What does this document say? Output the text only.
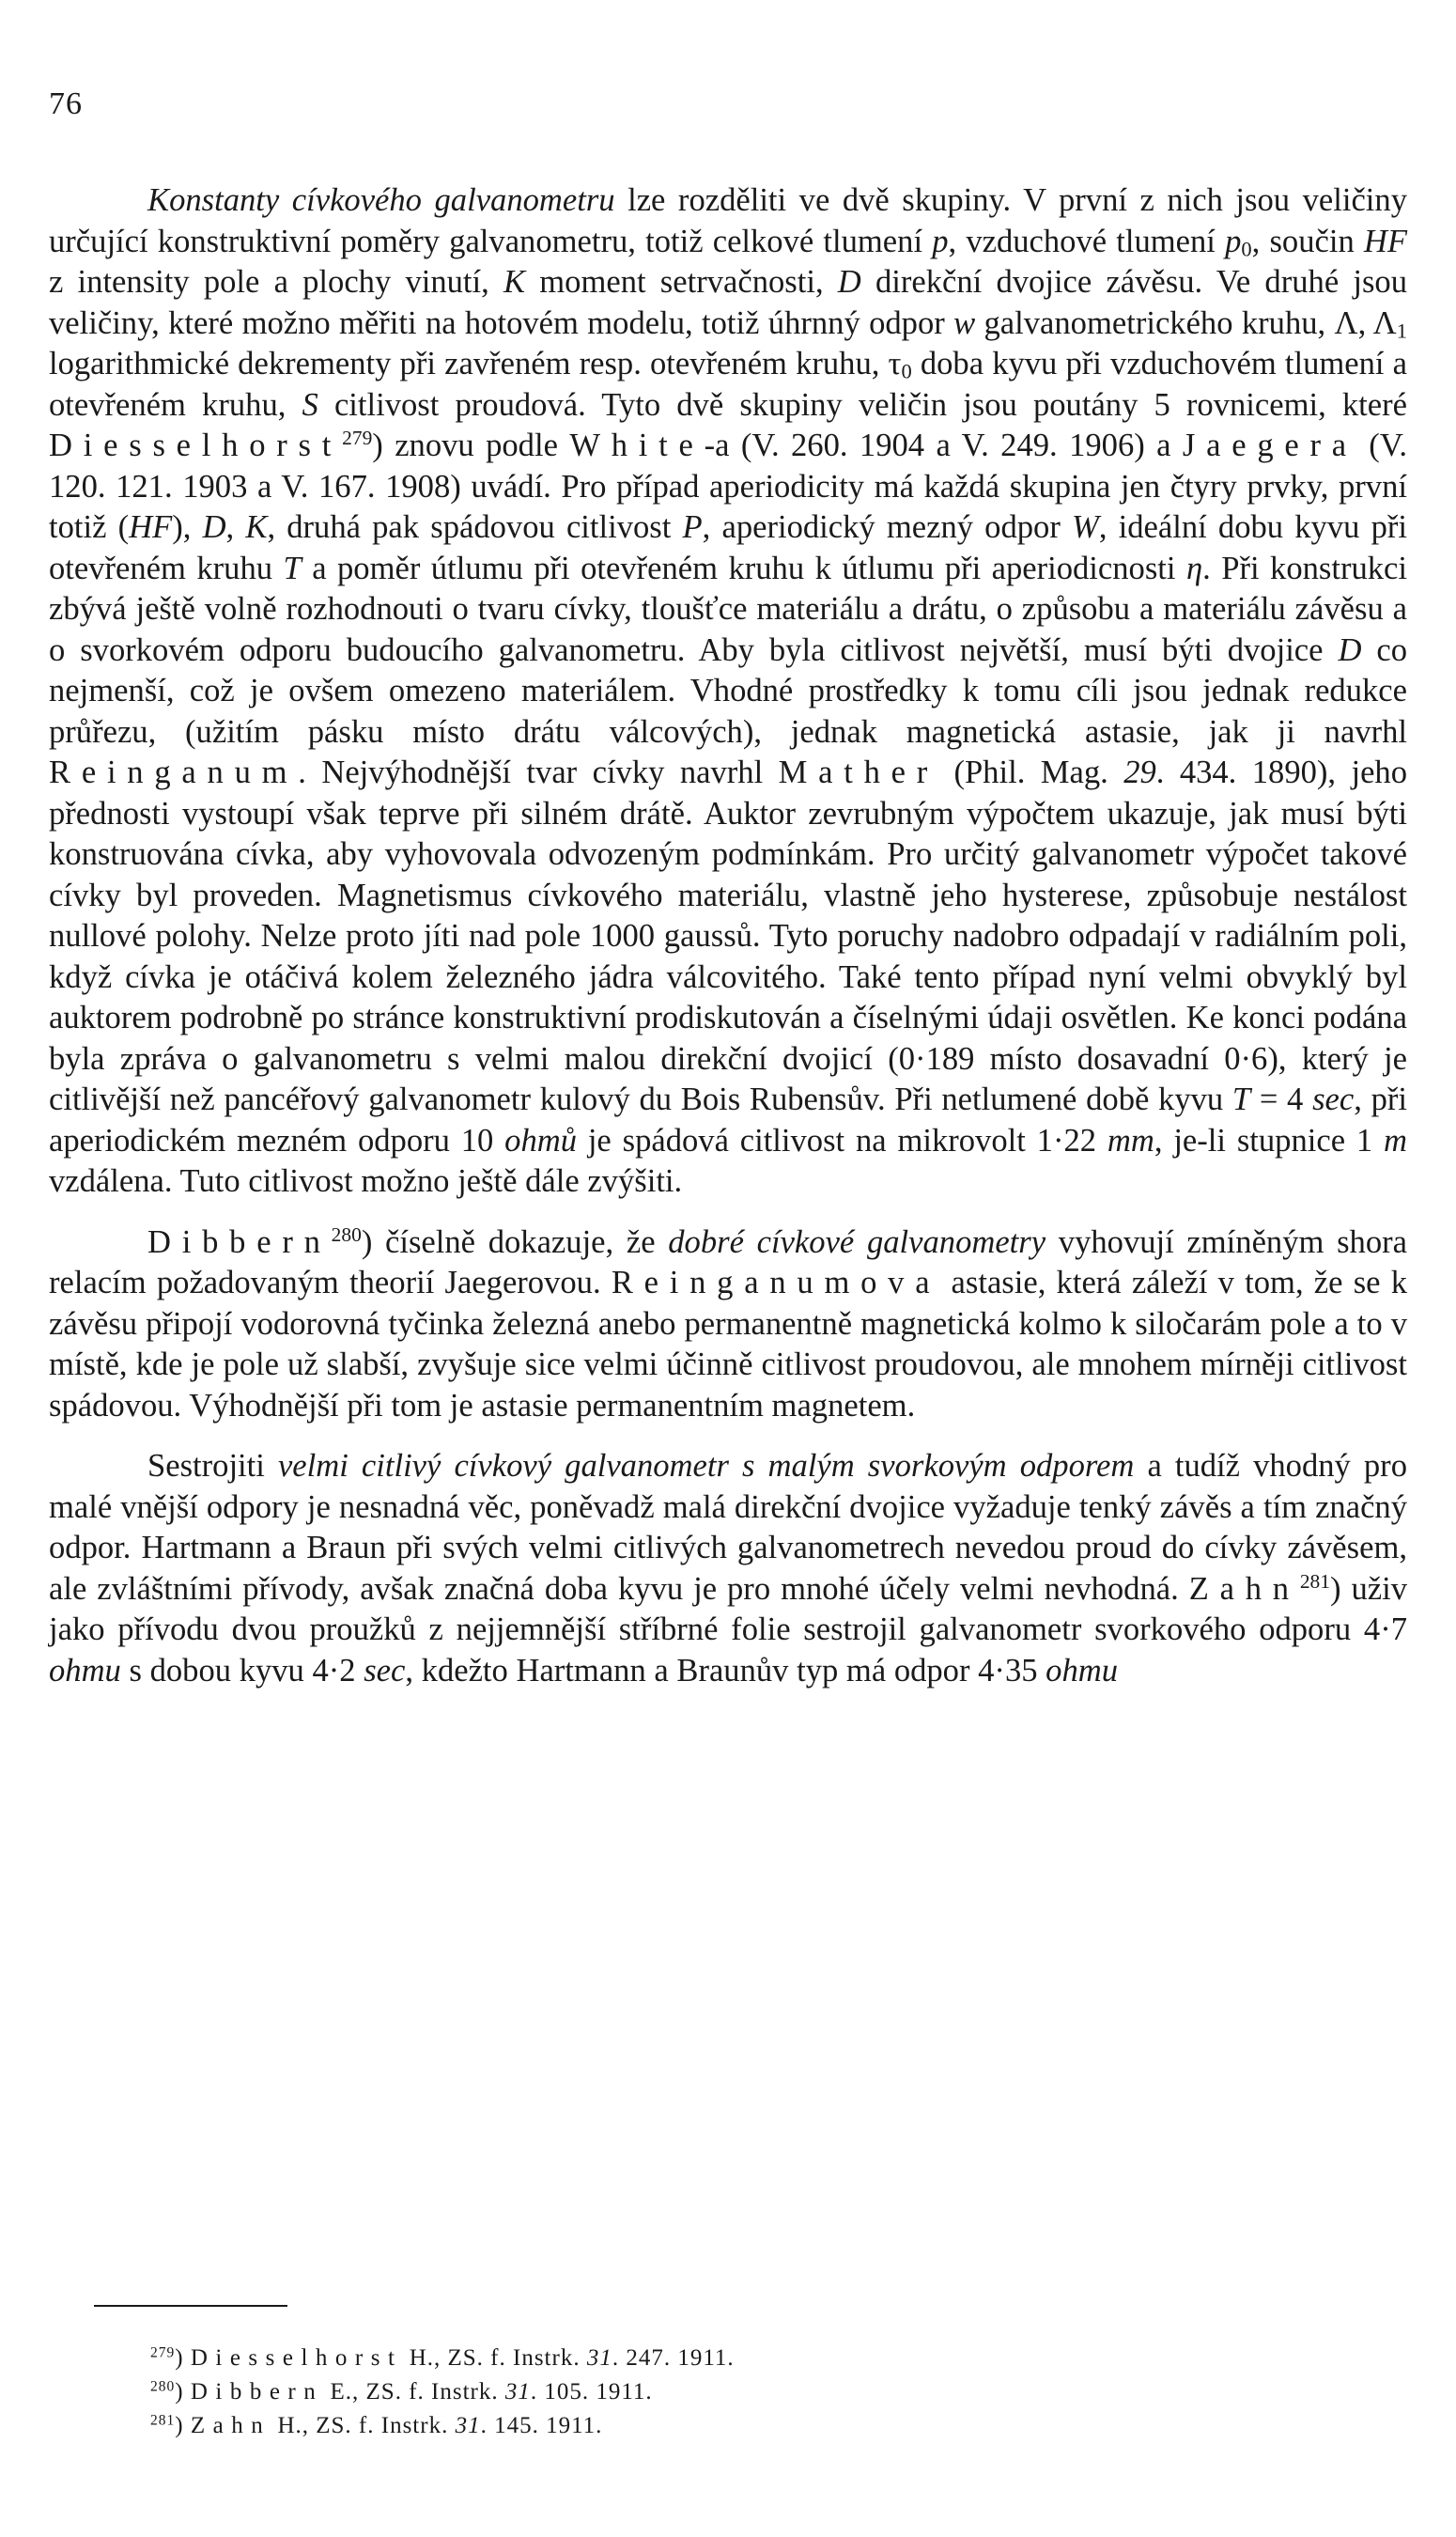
76

Konstanty cívkového galvanometru lze rozděliti ve dvě skupiny. V první z nich jsou veličiny určující konstruktivní poměry galvanometru, totiž celkové tlumení p, vzduchové tlumení $p_0$, součin HF z intensity pole a plochy vinutí, K moment setrvačnosti, D direkční dvojice závěsu. Ve druhé jsou veličiny, které možno měřiti na hotovém modelu, totiž úhrnný odpor w galvanometrického kruhu, Λ, $\Lambda_1$ logarithmické dekrementy při zavřeném resp. otevřeném kruhu, $\tau_0$ doba kyvu při vzduchovém tlumení a otevřeném kruhu, S citlivost proudová. Tyto dvě skupiny veličin jsou poutány 5 rovnicemi, které Diesselhorst$^{279}$) znovu podle White-a (V. 260. 1904 a V. 249. 1906) a Jaegera (V. 120. 121. 1903 a V. 167. 1908) uvádí. Pro případ aperiodicity má každá skupina jen čtyry prvky, první totiž (HF), D, K, druhá pak spádovou citlivost P, aperiodický mezný odpor W, ideální dobu kyvu při otevřeném kruhu T a poměr útlumu při otevřeném kruhu k útlumu při aperiodicnosti η. Při konstrukci zbývá ještě volně rozhodnouti o tvaru cívky, tloušťce materiálu a drátu, o způsobu a materiálu závěsu a o svorkovém odporu budoucího galvanometru. Aby byla citlivost největší, musí býti dvojice D co nejmenší, což je ovšem omezeno materiálem. Vhodné prostředky k tomu cíli jsou jednak redukce průřezu, (užitím pásku místo drátu válcových), jednak magnetická astasie, jak ji navrhl Reinganum. Nejvýhodnější tvar cívky navrhl Mather (Phil. Mag. 29. 434. 1890), jeho přednosti vystoupí však teprve při silném drátě. Auktor zevrubným výpočtem ukazuje, jak musí býti konstruována cívka, aby vyhovovala odvozeným podmínkám. Pro určitý galvanometr výpočet takové cívky byl proveden. Magnetismus cívkového materiálu, vlastně jeho hysterese, způsobuje nestálost nullové polohy. Nelze proto jíti nad pole 1000 gaussů. Tyto poruchy nadobro odpadají v radiálním poli, když cívka je otáčivá kolem železného jádra válcovitého. Také tento případ nyní velmi obvyklý byl auktorem podrobně po stránce konstruktivní prodiskutován a číselnými údaji osvětlen. Ke konci podána byla zpráva o galvanometru s velmi malou direkční dvojicí (0·189 místo dosavadní 0·6), který je citlivější než pancéřový galvanometr kulový du Bois Rubensův. Při netlumené době kyvu T = 4 sec, při aperiodickém mezném odporu 10 ohmů je spádová citlivost na mikrovolt 1·22 mm, je-li stupnice 1 m vzdálena. Tuto citlivost možno ještě dále zvýšiti.

Dibbern$^{280}$) číselně dokazuje, že dobré cívkové galvanometry vyhovují zmíněným shora relacím požadovaným theorií Jaegerovou. Reinganumova astasie, která záleží v tom, že se k závěsu připojí vodorovná tyčinka železná anebo permanentně magnetická kolmo k siločarám pole a to v místě, kde je pole už slabší, zvyšuje sice velmi účinně citlivost proudovou, ale mnohem mírněji citlivost spádovou. Výhodnější při tom je astasie permanentním magnetem.

Sestrojiti velmi citlivý cívkový galvanometr s malým svorkovým odporem a tudíž vhodný pro malé vnější odpory je nesnadná věc, poněvadž malá direkční dvojice vyžaduje tenký závěs a tím značný odpor. Hartmann a Braun při svých velmi citlivých galvanometrech nevedou proud do cívky závěsem, ale zvláštními přívody, avšak značná doba kyvu je pro mnohé účely velmi nevhodná. Zahn$^{281}$) uživ jako přívodu dvou proužků z nejjemnější stříbrné folie sestrojil galvanometr svorkového odporu 4·7 ohmu s dobou kyvu 4·2 sec, kdežto Hartmann a Braunův typ má odpor 4·35 ohmu

$^{279}$) Diesselhorst H., ZS. f. Instrk. 31. 247. 1911.
$^{280}$) Dibbern E., ZS. f. Instrk. 31. 105. 1911.
$^{281}$) Zahn H., ZS. f. Instrk. 31. 145. 1911.
